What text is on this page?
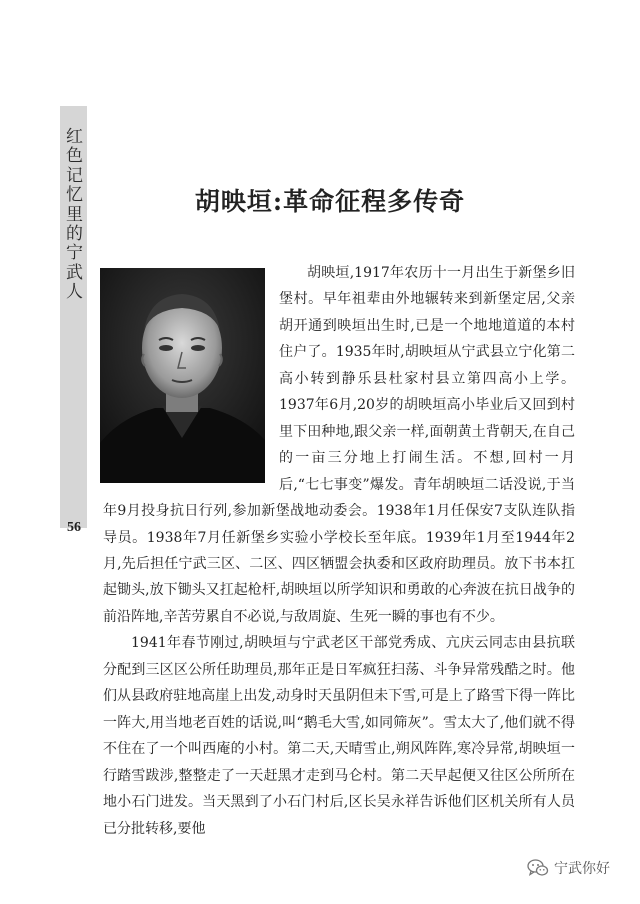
红色记忆里的宁武人
56
胡映垣:革命征程多传奇

胡映垣,1917年农历十一月出生于新堡乡旧堡村。早年祖辈由外地辗转来到新堡定居,父亲胡开通到映垣出生时,已是一个地地道道的本村住户了。1935年时,胡映垣从宁武县立宁化第二高小转到静乐县杜家村县立第四高小上学。1937年6月,20岁的胡映垣高小毕业后又回到村里下田种地,跟父亲一样,面朝黄土背朝天,在自己的一亩三分地上打闹生活。不想,回村一月后,“七七事变”爆发。青年胡映垣二话没说,于当年9月投身抗日行列,参加新堡战地动委会。1938年1月任保安7支队连队指导员。1938年7月任新堡乡实验小学校长至年底。1939年1月至1944年2月,先后担任宁武三区、二区、四区牺盟会执委和区政府助理员。放下书本扛起锄头,放下锄头又扛起枪杆,胡映垣以所学知识和勇敢的心奔波在抗日战争的前沿阵地,辛苦劳累自不必说,与敌周旋、生死一瞬的事也有不少。

1941年春节刚过,胡映垣与宁武老区干部党秀成、亢庆云同志由县抗联分配到三区区公所任助理员,那年正是日军疯狂扫荡、斗争异常残酷之时。他们从县政府驻地高崖上出发,动身时天虽阴但未下雪,可是上了路雪下得一阵比一阵大,用当地老百姓的话说,叫“鹅毛大雪,如同筛灰”。雪太大了,他们就不得不住在了一个叫西庵的小村。第二天,天晴雪止,朔风阵阵,寒冷异常,胡映垣一行踏雪跋涉,整整走了一天赶黑才走到马仑村。第二天早起便又往区公所所在地小石门进发。当天黑到了小石门村后,区长吴永祥告诉他们区机关所有人员已分批转移,要他

宁武你好
